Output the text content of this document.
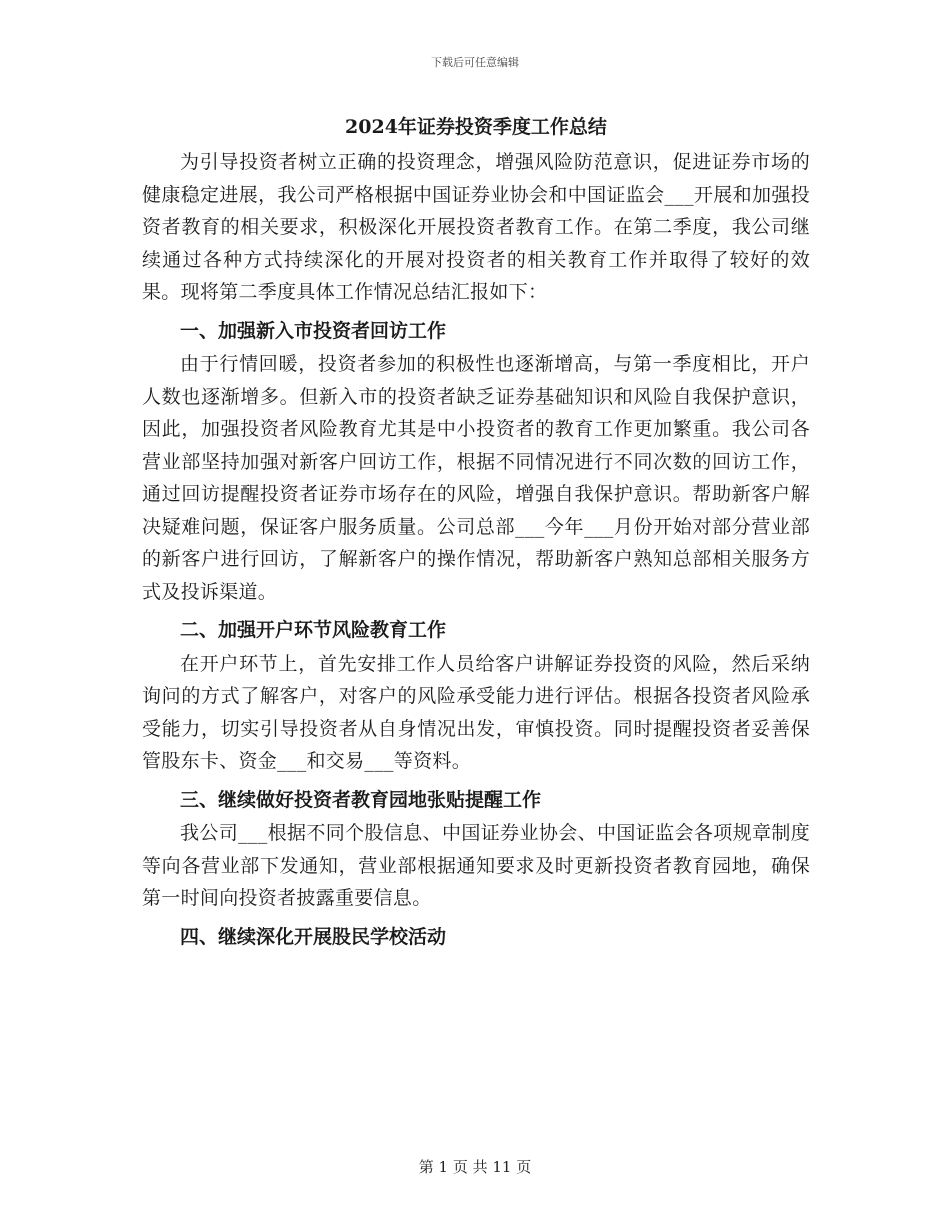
下载后可任意编辑
2024年证券投资季度工作总结

为引导投资者树立正确的投资理念，增强风险防范意识，促进证券市场的健康稳定进展，我公司严格根据中国证券业协会和中国证监会___开展和加强投资者教育的相关要求，积极深化开展投资者教育工作。在第二季度，我公司继续通过各种方式持续深化的开展对投资者的相关教育工作并取得了较好的效果。现将第二季度具体工作情况总结汇报如下：

一、加强新入市投资者回访工作

由于行情回暖，投资者参加的积极性也逐渐增高，与第一季度相比，开户人数也逐渐增多。但新入市的投资者缺乏证券基础知识和风险自我保护意识，因此，加强投资者风险教育尤其是中小投资者的教育工作更加繁重。我公司各营业部坚持加强对新客户回访工作，根据不同情况进行不同次数的回访工作，通过回访提醒投资者证券市场存在的风险，增强自我保护意识。帮助新客户解决疑难问题，保证客户服务质量。公司总部___今年___月份开始对部分营业部的新客户进行回访，了解新客户的操作情况，帮助新客户熟知总部相关服务方式及投诉渠道。

二、加强开户环节风险教育工作

在开户环节上，首先安排工作人员给客户讲解证券投资的风险，然后采纳询问的方式了解客户，对客户的风险承受能力进行评估。根据各投资者风险承受能力，切实引导投资者从自身情况出发，审慎投资。同时提醒投资者妥善保管股东卡、资金___和交易___等资料。

三、继续做好投资者教育园地张贴提醒工作

我公司___根据不同个股信息、中国证券业协会、中国证监会各项规章制度等向各营业部下发通知，营业部根据通知要求及时更新投资者教育园地，确保第一时间向投资者披露重要信息。

四、继续深化开展股民学校活动
第 1 页 共 11 页
